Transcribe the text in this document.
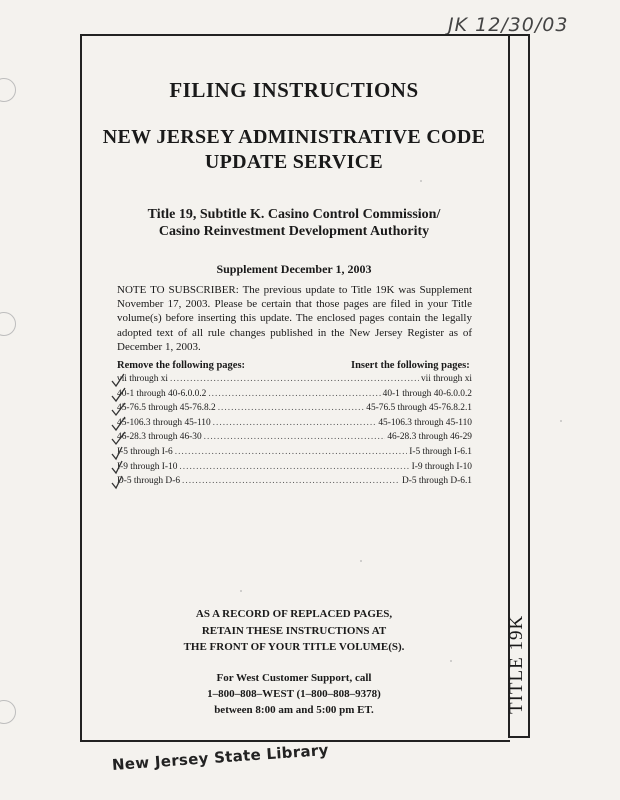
JK 12/30/03
TITLE 19K
FILING INSTRUCTIONS
NEW JERSEY ADMINISTRATIVE CODE
UPDATE SERVICE
Title 19, Subtitle K. Casino Control Commission/
Casino Reinvestment Development Authority
Supplement December 1, 2003
NOTE TO SUBSCRIBER: The previous update to Title 19K was Supplement November 17, 2003. Please be certain that those pages are filed in your Title volume(s) before inserting this update. The enclosed pages contain the legally adopted text of all rule changes published in the New Jersey Register as of December 1, 2003.
Remove the following pages:	Insert the following pages:
vii through xi .....	vii through xi
40-1 through 40-6.0.0.2 .....	40-1 through 40-6.0.0.2
45-76.5 through 45-76.8.2 .....	45-76.5 through 45-76.8.2.1
45-106.3 through 45-110 .....	45-106.3 through 45-110
46-28.3 through 46-30 .....	46-28.3 through 46-29
I-5 through I-6 .....	I-5 through I-6.1
I-9 through I-10 .....	I-9 through I-10
D-5 through D-6 .....	D-5 through D-6.1
AS A RECORD OF REPLACED PAGES,
RETAIN THESE INSTRUCTIONS AT
THE FRONT OF YOUR TITLE VOLUME(S).
For West Customer Support, call
1–800–808–WEST (1–800–808–9378)
between 8:00 am and 5:00 pm ET.
New Jersey State Library
